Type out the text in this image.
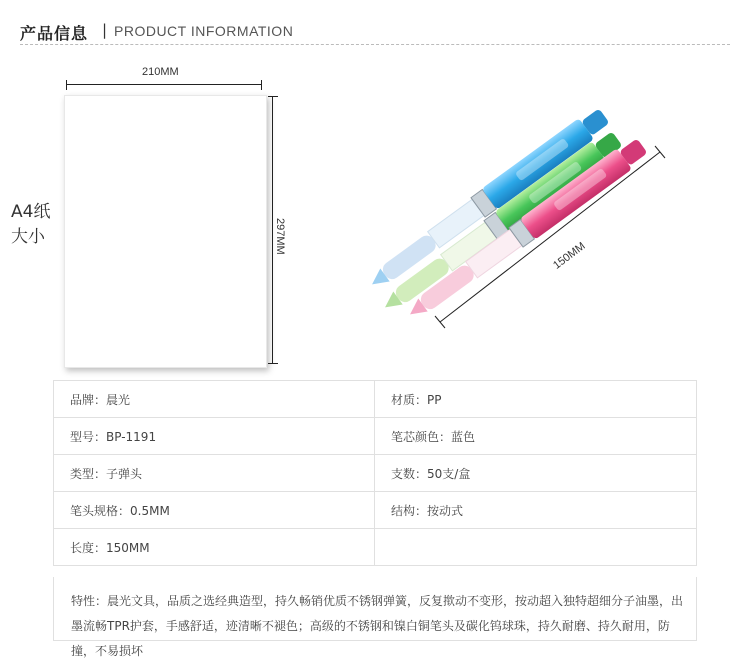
产品信息 | PRODUCT INFORMATION
210MM
297MM
A4纸大小
150MM
品牌：晨光	材质：PP
型号：BP-1191	笔芯颜色：蓝色
类型：子弹头	支数：50支/盒
笔头规格：0.5MM	结构：按动式
长度：150MM	
特性：晨光文具，品质之选经典造型，持久畅销优质不锈钢弹簧，反复揿动不变形，按动超入独特超细分子油墨，出墨流畅TPR护套，手感舒适，迹清晰不褪色；高级的不锈钢和镍白铜笔头及碳化钨球珠，持久耐磨、持久耐用，防撞，不易损坏
